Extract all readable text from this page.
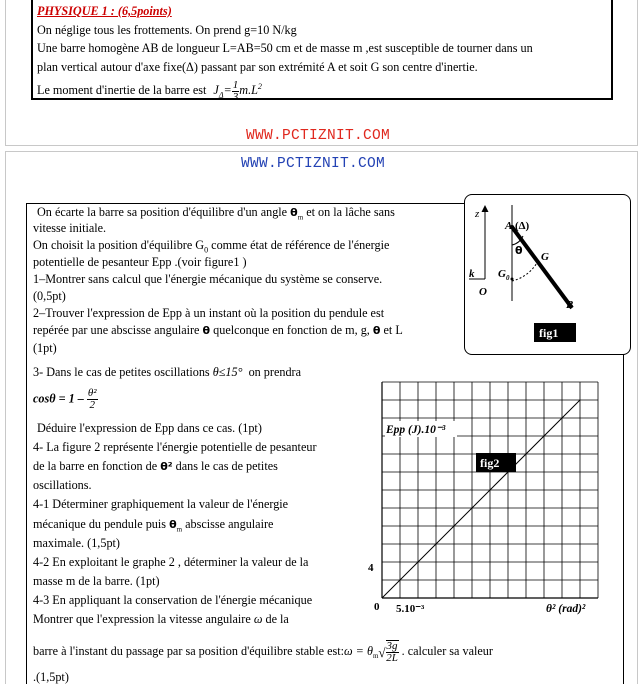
PHYSIQUE 1 : (6,5points)
On néglige tous les frottements. On prend g=10 N/kg
Une barre homogène AB de longueur L=AB=50 cm et de masse m ,est susceptible de tourner dans un
plan vertical autour d'axe fixe(Δ) passant par son extrémité A et soit G son centre d'inertie.
Le moment d'inertie de la barre est $J_\Delta= \frac{1}{3} m.L^2$
WWW.PCTIZNIT.COM
WWW.PCTIZNIT.COM
On écarte la barre sa position d'équilibre d'un angle $\theta_m$ et on la lâche sans
vitesse initiale.
On choisit la position d'équilibre $G_0$ comme état de référence de l'énergie
potentielle de pesanteur Epp .(voir figure1 )
1–Montrer sans calcul que l'énergie mécanique du système se conserve.
(0,5pt)
2–Trouver l'expression de Epp à un instant où la position du pendule est
repérée par une abscisse angulaire θ quelconque en fonction de m, g, θ et L
(1pt)
3- Dans le cas de petites oscillations θ≤15° on prendra
$\cos\theta = 1 - \frac{\text{θ²}}{2}$
Déduire l'expression de Epp dans ce cas. (1pt)
4- La figure 2 représente l'énergie potentielle de pesanteur
de la barre en fonction de θ² dans le cas de petites
oscillations.
4-1 Déterminer graphiquement la valeur de l'énergie
mécanique du pendule puis $\theta_m$ abscisse angulaire
maximale. (1,5pt)
4-2 En exploitant le graphe 2 , déterminer la valeur de la
masse m de la barre. (1pt)
4-3 En appliquant la conservation de l'énergie mécanique
Montrer que l'expression la vitesse angulaire ω de la
barre à l'instant du passage par sa position d'équilibre stable est:ω = $\theta_m√ \frac{3g}{2L}$ . calculer sa valeur
.(1,5pt)
z
k
O
A (Δ)
θ G
$G_0$
B
fig1
fig2
Epp (J).10⁻³
4
0 5.10⁻³	θ² (rad)²
